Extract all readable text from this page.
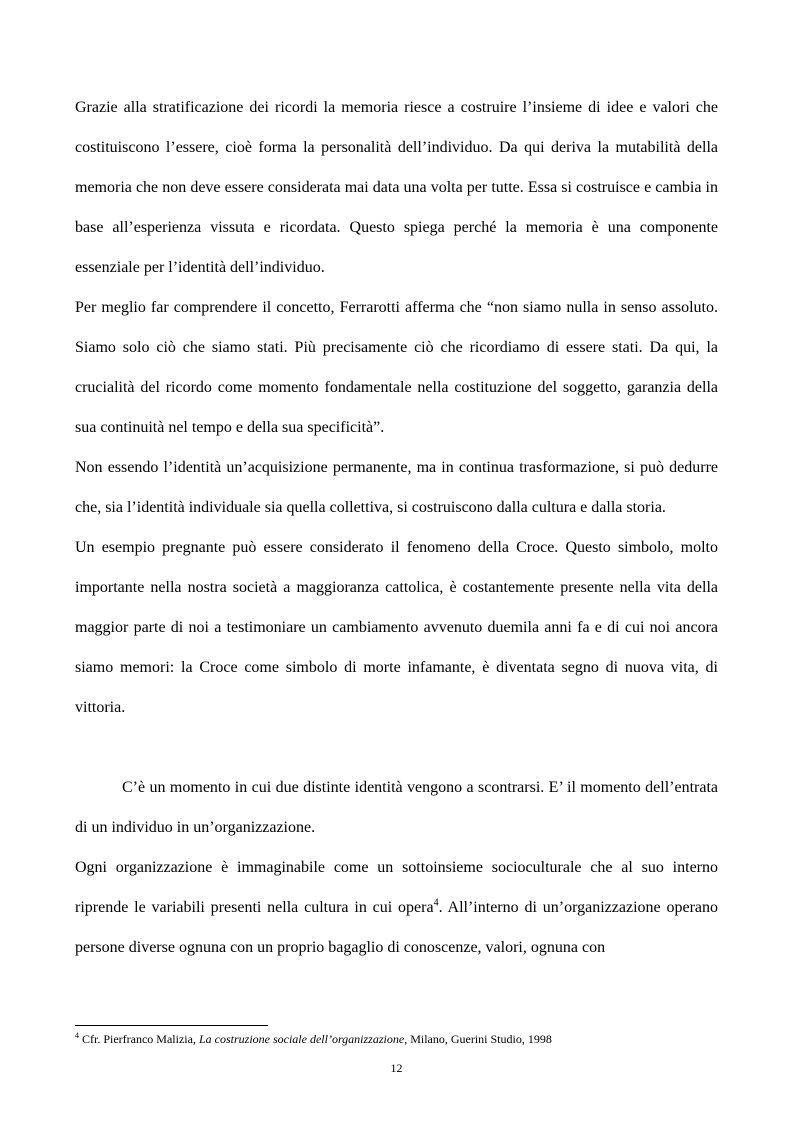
Grazie alla stratificazione dei ricordi la memoria riesce a costruire l’insieme di idee e valori che costituiscono l’essere, cioè forma la personalità dell’individuo. Da qui deriva la mutabilità della memoria che non deve essere considerata mai data una volta per tutte. Essa si costruisce e cambia in base all’esperienza vissuta e ricordata. Questo spiega perché la memoria è una componente essenziale per l’identità dell’individuo.

Per meglio far comprendere il concetto, Ferrarotti afferma che “non siamo nulla in senso assoluto. Siamo solo ciò che siamo stati. Più precisamente ciò che ricordiamo di essere stati. Da qui, la crucialità del ricordo come momento fondamentale nella costituzione del soggetto, garanzia della sua continuità nel tempo e della sua specificità”.

Non essendo l’identità un’acquisizione permanente, ma in continua trasformazione, si può dedurre che, sia l’identità individuale sia quella collettiva, si costruiscono dalla cultura e dalla storia.

Un esempio pregnante può essere considerato il fenomeno della Croce. Questo simbolo, molto importante nella nostra società a maggioranza cattolica, è costantemente presente nella vita della maggior parte di noi a testimoniare un cambiamento avvenuto duemila anni fa e di cui noi ancora siamo memori: la Croce come simbolo di morte infamante, è diventata segno di nuova vita, di vittoria.

C’è un momento in cui due distinte identità vengono a scontrarsi. E’ il momento dell’entrata di un individuo in un’organizzazione.

Ogni organizzazione è immaginabile come un sottoinsieme socioculturale che al suo interno riprende le variabili presenti nella cultura in cui opera$^4$. All’interno di un’organizzazione operano persone diverse ognuna con un proprio bagaglio di conoscenze, valori, ognuna con

$^4$ Cfr. Pierfranco Malizia, La costruzione sociale dell’organizzazione, Milano, Guerini Studio, 1998
12
